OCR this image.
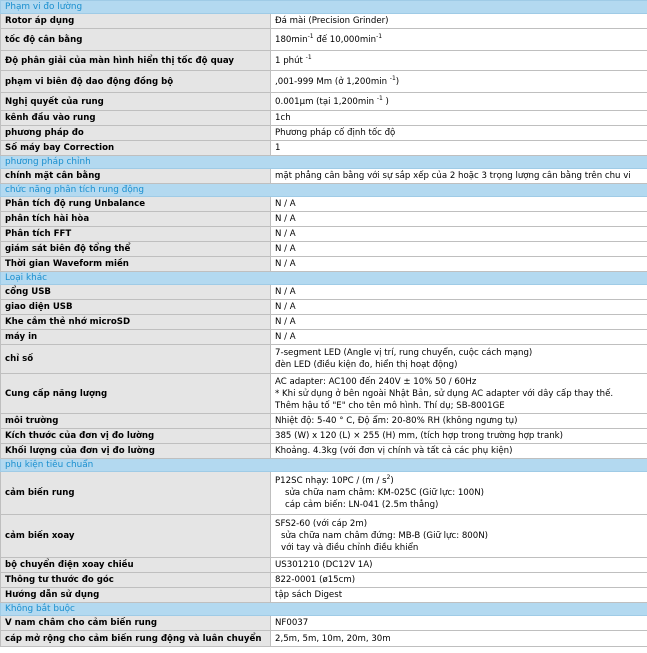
Phạm vi đo lường	
Rotor áp dụng	Đá mài (Precision Grinder)
tốc độ cân bằng	$180\min^{-1}$ đế $10,000\min^{-1}$
Độ phân giải của màn hình hiển thị tốc độ quay	1 phút $^{-1}$
phạm vi biên độ dao động đồng bộ	,001-999 Mm (ở 1,200min $^{-1}$)
Nghị quyết của rung	0.001μm (tại 1,200min $^{-1}$ )
kênh đầu vào rung	1ch
phương pháp đo	Phương pháp cố định tốc độ
Số máy bay Correction	1
phương pháp chỉnh	
chính mặt cân bằng	mặt phẳng cân bằng với sự sắp xếp của 2 hoặc 3 trọng lượng cân bằng trên chu vi
chức năng phân tích rung động	
Phân tích độ rung Unbalance	N / A
phân tích hài hòa	N / A
Phân tích FFT	N / A
giám sát biên độ tổng thể	N / A
Thời gian Waveform miền	N / A
Loại khác	
cổng USB	N / A
giao diện USB	N / A
Khe cắm thẻ nhớ microSD	N / A
máy in	N / A
chỉ số	7-segment LED (Angle vị trí, rung chuyển, cuộc cách mạng)
đèn LED (điều kiện đo, hiển thị hoạt động)

Cung cấp năng lượng	AC adapter: AC100 đến 240V ± 10% 50 / 60Hz
* Khi sử dụng ở bên ngoài Nhật Bản, sử dụng AC adapter với dây cấp thay thế.
Thêm hậu tố "E" cho tên mô hình. Thí dụ; SB-8001GE

môi trường	Nhiệt độ: 5-40 ° C, Độ ẩm: 20-80% RH (không ngưng tụ)
Kích thước của đơn vị đo lường	385 (W) x 120 (L) × 255 (H) mm, (tích hợp trong trường hợp trank)
Khối lượng của đơn vị đo lường	Khoảng. 4.3kg (với đơn vị chính và tất cả các phụ kiện)
phụ kiện tiêu chuẩn	
cảm biến rung	P12SC nhạy: $10PC / (m / s^2)$
sửa chữa nam châm: KM-025C (Giữ lực: 100N)
cáp cảm biến: LN-041 (2.5m thẳng)

cảm biến xoay	SFS2-60 (với cáp 2m)
sửa chữa nam châm đứng: MB-B (Giữ lực: 800N)
với tay và điều chỉnh điều khiển

bộ chuyển điện xoay chiều	US301210 (DC12V 1A)
Thông tư thước đo góc	822-0001 (ø15cm)
Hướng dẫn sử dụng	tập sách Digest
Không bắt buộc	
V nam châm cho cảm biến rung	NF0037
cáp mở rộng cho cảm biến rung động và luân chuyển	2,5m, 5m, 10m, 20m, 30m
